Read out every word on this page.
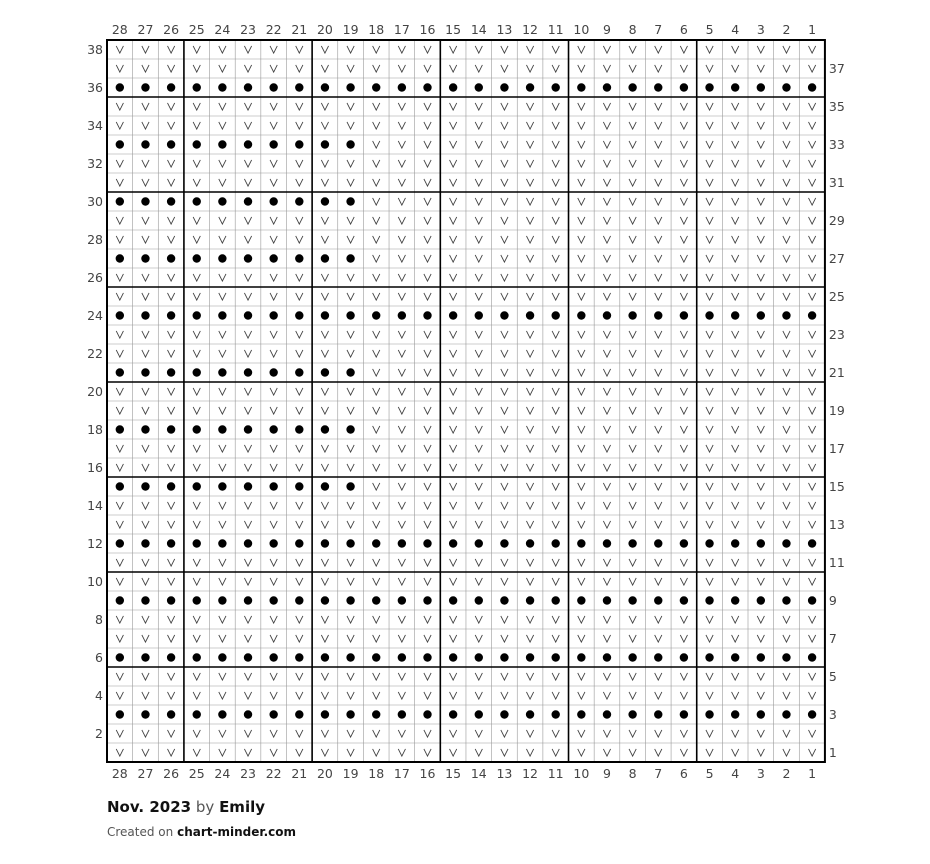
28
28
27
27
26
26
25
25
24
24
23
23
22
22
21
21
20
20
19
19
18
18
17
17
16
16
15
15
14
14
13
13
12
12
11
11
10
10
9
9
8
8
7
7
6
6
5
5
4
4
3
3
2
2
1
1
38
36
34
32
30
28
26
24
22
20
18
16
14
12
10
8
6
4
2
37
35
33
31
29
27
25
23
21
19
17
15
13
11
9
7
5
3
1
Nov. 2023 by Emily
Created on chart-minder.com
